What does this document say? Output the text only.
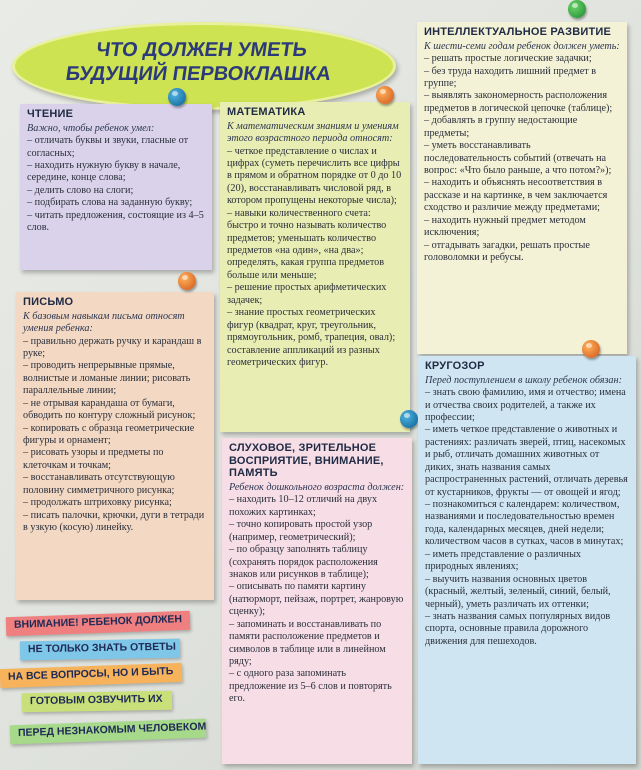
ЧТО ДОЛЖЕН УМЕТЬ
БУДУЩИЙ ПЕРВОКЛАШКА
ЧТЕНИЕ
Важно, чтобы ребенок умел:
– отличать буквы и звуки, гласные от согласных;
– находить нужную букву в начале, середине, конце слова;
– делить слово на слоги;
– подбирать слова на заданную букву;
– читать предложения, состоящие из 4–5 слов.
МАТЕМАТИКА
К математическим знаниям и умениям этого возрастного периода относят:
– четкое представление о числах и цифрах (суметь перечислить все цифры в прямом и обратном порядке от 0 до 10 (20), восстанавливать числовой ряд, в котором пропущены некоторые числа);
– навыки количественного счета: быстро и точно называть количество предметов; уменьшать количество предметов «на один», «на два»; определять, какая группа предметов больше или меньше;
– решение простых арифметических задачек;
– знание простых геометрических фигур (квадрат, круг, треугольник, прямоугольник, ромб, трапеция, овал); составление аппликаций из разных геометрических фигур.
ИНТЕЛЛЕКТУАЛЬНОЕ РАЗВИТИЕ
К шести-семи годам ребенок должен уметь:
– решать простые логические задачки;
– без труда находить лишний предмет в группе;
– выявлять закономерность расположения предметов в логической цепочке (таблице);
– добавлять в группу недостающие предметы;
– уметь восстанавливать последовательность событий (отвечать на вопрос: «Что было раньше, а что потом?»);
– находить и объяснять несоответствия в рассказе и на картинке, в чем заключается сходство и различие между предметами;
– находить нужный предмет методом исключения;
– отгадывать загадки, решать простые головоломки и ребусы.
ПИСЬМО
К базовым навыкам письма относят умения ребенка:
– правильно держать ручку и карандаш в руке;
– проводить непрерывные прямые, волнистые и ломаные линии; рисовать параллельные линии;
– не отрывая карандаша от бумаги, обводить по контуру сложный рисунок;
– копировать с образца геометрические фигуры и орнамент;
– рисовать узоры и предметы по клеточкам и точкам;
– восстанавливать отсутствующую половину симметричного рисунка;
– продолжать штриховку рисунка;
– писать палочки, крючки, дуги в тетради в узкую (косую) линейку.
СЛУХОВОЕ, ЗРИТЕЛЬНОЕ ВОСПРИЯТИЕ, ВНИМАНИЕ, ПАМЯТЬ
Ребенок дошкольного возраста должен:
– находить 10–12 отличий на двух похожих картинках;
– точно копировать простой узор (например, геометрический);
– по образцу заполнять таблицу (сохранять порядок расположения знаков или рисунков в таблице);
– описывать по памяти картину (натюрморт, пейзаж, портрет, жанровую сценку);
– запоминать и восстанавливать по памяти расположение предметов и символов в таблице или в линейном ряду;
– с одного раза запоминать предложение из 5–6 слов и повторять его.
КРУГОЗОР
Перед поступлением в школу ребенок обязан:
– знать свою фамилию, имя и отчество; имена и отчества своих родителей, а также их профессии;
– иметь четкое представление о животных и растениях: различать зверей, птиц, насекомых и рыб, отличать домашних животных от диких, знать названия самых распространенных растений, отличать деревья от кустарников, фрукты — от овощей и ягод;
– познакомиться с календарем: количеством, названиями и последовательностью времен года, календарных месяцев, дней недели; количеством часов в сутках, часов в минутах;
– иметь представление о различных природных явлениях;
– выучить названия основных цветов (красный, желтый, зеленый, синий, белый, черный), уметь различать их оттенки;
– знать названия самых популярных видов спорта, основные правила дорожного движения для пешеходов.
ВНИМАНИЕ! РЕБЕНОК ДОЛЖЕН
НЕ ТОЛЬКО ЗНАТЬ ОТВЕТЫ
НА ВСЕ ВОПРОСЫ, НО И БЫТЬ
ГОТОВЫМ ОЗВУЧИТЬ ИХ
ПЕРЕД НЕЗНАКОМЫМ ЧЕЛОВЕКОМ
